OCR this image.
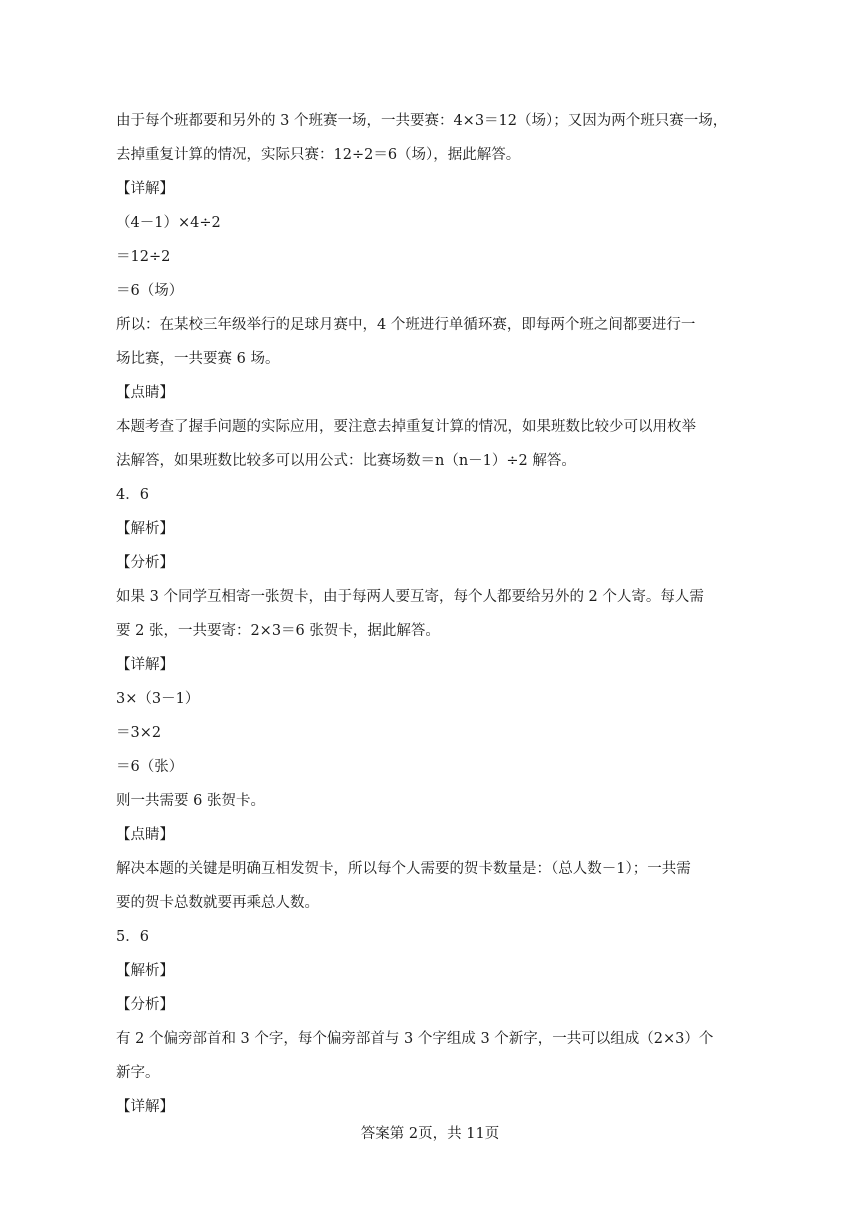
由于每个班都要和另外的 3 个班赛一场，一共要赛：4×3＝12（场）；又因为两个班只赛一场，
去掉重复计算的情况，实际只赛：12÷2＝6（场），据此解答。
【详解】
（4－1）×4÷2
＝12÷2
＝6（场）
所以：在某校三年级举行的足球月赛中，4 个班进行单循环赛，即每两个班之间都要进行一
场比赛，一共要赛 6 场。
【点睛】
本题考查了握手问题的实际应用，要注意去掉重复计算的情况，如果班数比较少可以用枚举
法解答，如果班数比较多可以用公式：比赛场数＝n（n－1）÷2 解答。
4．6
【解析】
【分析】
如果 3 个同学互相寄一张贺卡，由于每两人要互寄，每个人都要给另外的 2 个人寄。每人需
要 2 张，一共要寄：2×3＝6 张贺卡，据此解答。
【详解】
3×（3－1）
＝3×2
＝6（张）
则一共需要 6 张贺卡。
【点睛】
解决本题的关键是明确互相发贺卡，所以每个人需要的贺卡数量是：（总人数－1）；一共需
要的贺卡总数就要再乘总人数。
5．6
【解析】
【分析】
有 2 个偏旁部首和 3 个字，每个偏旁部首与 3 个字组成 3 个新字，一共可以组成（2×3）个
新字。
【详解】
答案第 2页，共 11页
